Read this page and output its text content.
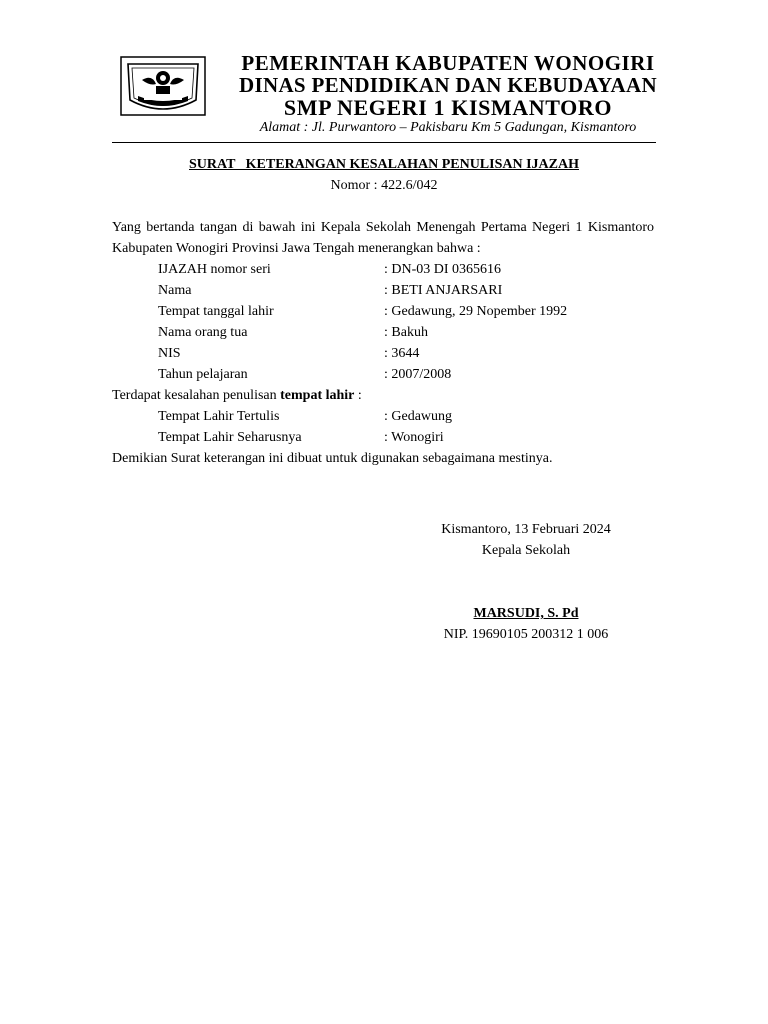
PEMERINTAH KABUPATEN WONOGIRI
DINAS PENDIDIKAN DAN KEBUDAYAAN
SMP NEGERI 1 KISMANTORO
Alamat : Jl. Purwantoro – Pakisbaru Km 5 Gadungan, Kismantoro
SURAT   KETERANGAN KESALAHAN PENULISAN IJAZAH
Nomor : 422.6/042
Yang bertanda tangan di bawah ini Kepala Sekolah Menengah Pertama Negeri 1 Kismantoro Kabupaten Wonogiri Provinsi Jawa Tengah menerangkan bahwa :
IJAZAH nomor seri	: DN-03 DI 0365616
Nama	: BETI ANJARSARI
Tempat tanggal lahir	: Gedawung, 29 Nopember 1992
Nama orang tua	: Bakuh
NIS	: 3644
Tahun pelajaran	: 2007/2008
Terdapat kesalahan penulisan tempat lahir :
Tempat Lahir Tertulis	: Gedawung
Tempat Lahir Seharusnya	: Wonogiri
Demikian Surat keterangan ini dibuat untuk digunakan sebagaimana mestinya.
Kismantoro, 13 Februari 2024
Kepala Sekolah
MARSUDI, S. Pd
NIP. 19690105 200312 1 006
